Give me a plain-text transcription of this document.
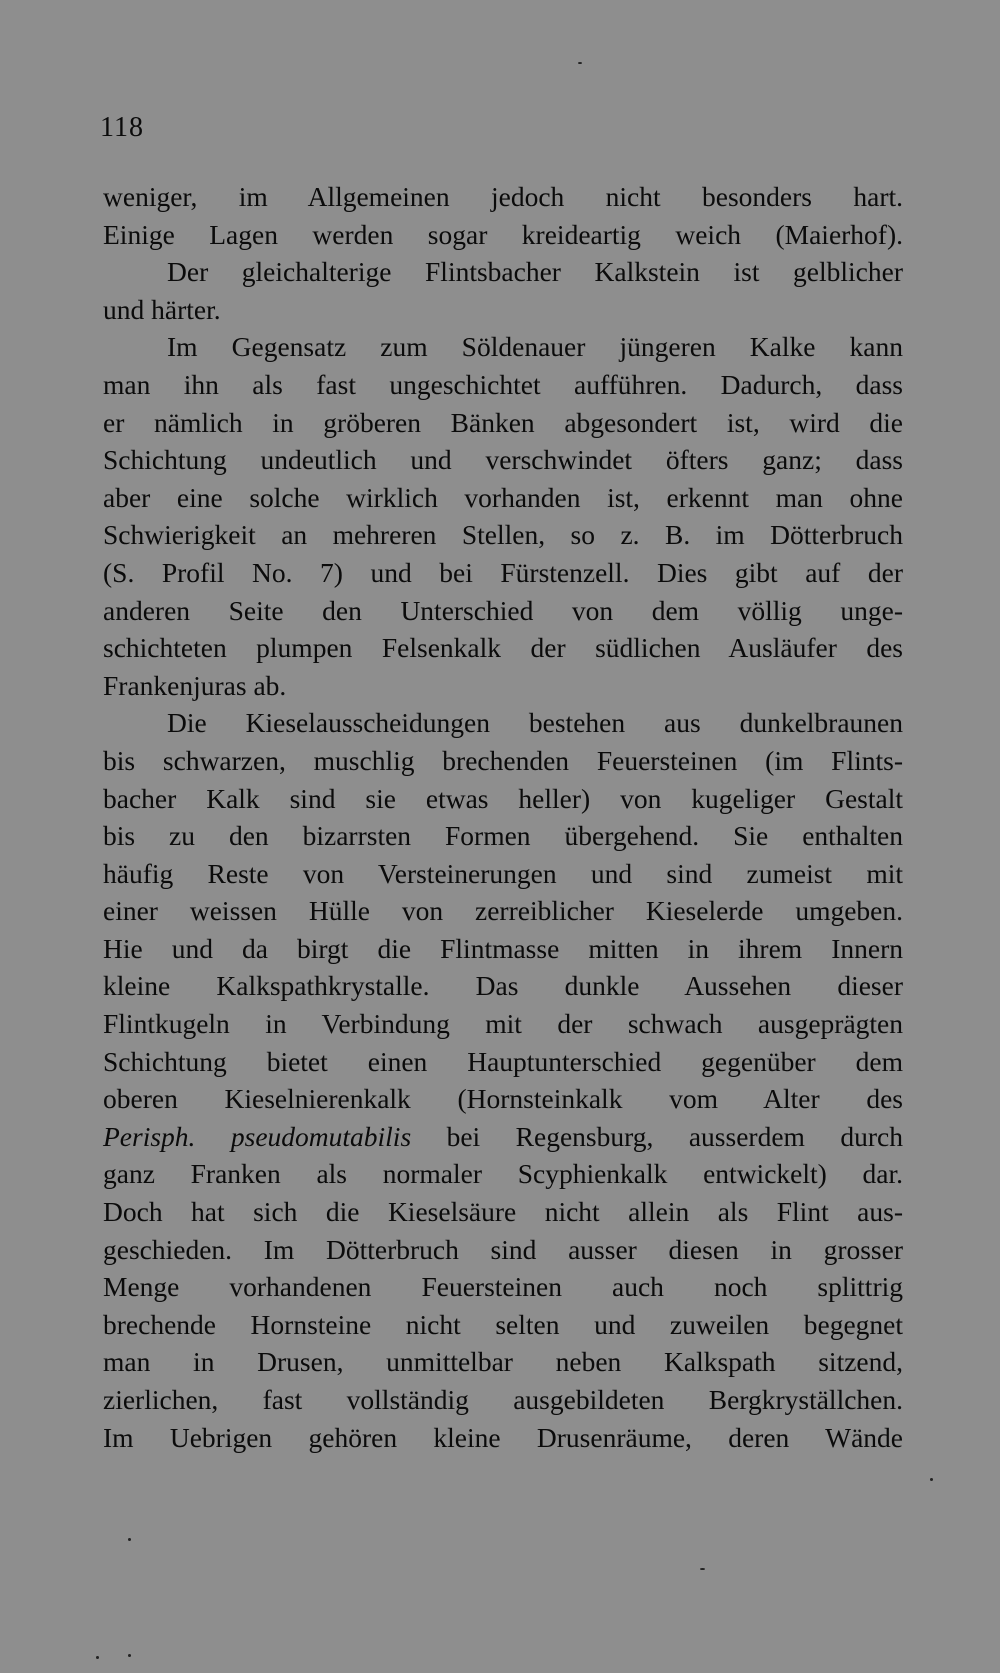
118
weniger, im Allgemeinen jedoch nicht besonders hart.
Einige Lagen werden sogar kreideartig weich (Maierhof).
Der gleichalterige Flintsbacher Kalkstein ist gelblicher
und härter.
Im Gegensatz zum Söldenauer jüngeren Kalke kann
man ihn als fast ungeschichtet aufführen. Dadurch, dass
er nämlich in gröberen Bänken abgesondert ist, wird die
Schichtung undeutlich und verschwindet öfters ganz; dass
aber eine solche wirklich vorhanden ist, erkennt man ohne
Schwierigkeit an mehreren Stellen, so z. B. im Dötterbruch
(S. Profil No. 7) und bei Fürstenzell. Dies gibt auf der
anderen Seite den Unterschied von dem völlig unge-
schichteten plumpen Felsenkalk der südlichen Ausläufer des
Frankenjuras ab.
Die Kieselausscheidungen bestehen aus dunkelbraunen
bis schwarzen, muschlig brechenden Feuersteinen (im Flints-
bacher Kalk sind sie etwas heller) von kugeliger Gestalt
bis zu den bizarrsten Formen übergehend. Sie enthalten
häufig Reste von Versteinerungen und sind zumeist mit
einer weissen Hülle von zerreiblicher Kieselerde umgeben.
Hie und da birgt die Flintmasse mitten in ihrem Innern
kleine Kalkspathkrystalle. Das dunkle Aussehen dieser
Flintkugeln in Verbindung mit der schwach ausgeprägten
Schichtung bietet einen Hauptunterschied gegenüber dem
oberen Kieselnierenkalk (Hornsteinkalk vom Alter des
Perisph. pseudomutabilis bei Regensburg, ausserdem durch
ganz Franken als normaler Scyphienkalk entwickelt) dar.
Doch hat sich die Kieselsäure nicht allein als Flint aus-
geschieden. Im Dötterbruch sind ausser diesen in grosser
Menge vorhandenen Feuersteinen auch noch splittrig
brechende Hornsteine nicht selten und zuweilen begegnet
man in Drusen, unmittelbar neben Kalkspath sitzend,
zierlichen, fast vollständig ausgebildeten Bergkryställchen.
Im Uebrigen gehören kleine Drusenräume, deren Wände
